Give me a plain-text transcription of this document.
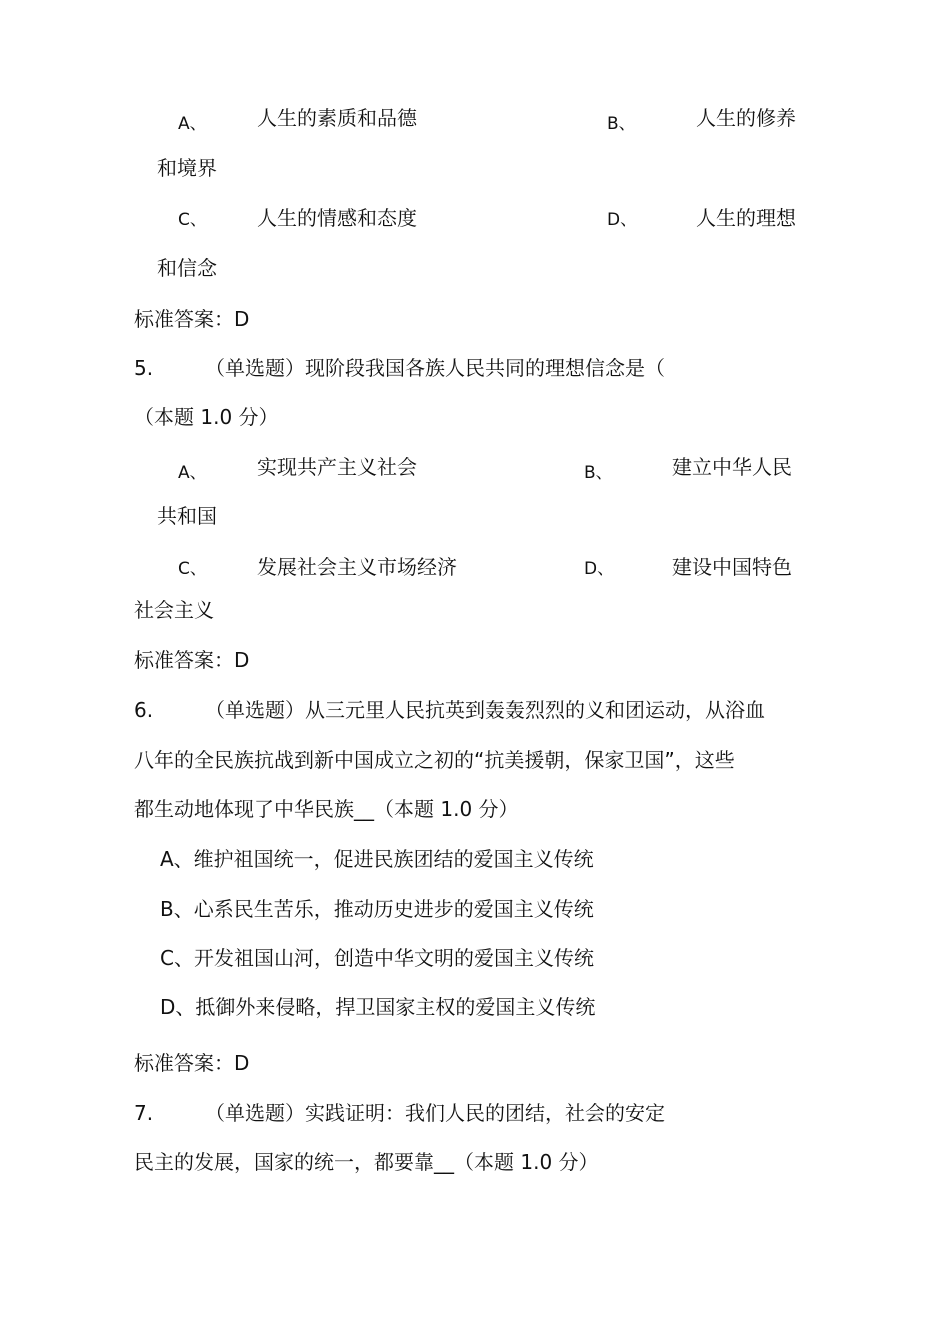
A、	人生的素质和品德	B、	人生的修养
和境界
C、	人生的情感和态度	D、	人生的理想
和信念
标准答案：D
5.	（单选题）现阶段我国各族人民共同的理想信念是（
（本题 1.0 分）
A、	实现共产主义社会	B、	建立中华人民
共和国
C、	发展社会主义市场经济	D、	建设中国特色
社会主义
标准答案：D
6.	（单选题）从三元里人民抗英到轰轰烈烈的义和团运动，从浴血
八年的全民族抗战到新中国成立之初的“抗美援朝，保家卫国”，这些
都生动地体现了中华民族__（本题 1.0 分）
A、维护祖国统一，促进民族团结的爱国主义传统
B、心系民生苦乐，推动历史进步的爱国主义传统
C、开发祖国山河，创造中华文明的爱国主义传统
D、抵御外来侵略，捍卫国家主权的爱国主义传统
标准答案：D
7.	（单选题）实践证明：我们人民的团结，社会的安定
民主的发展，国家的统一，都要靠__（本题 1.0 分）
